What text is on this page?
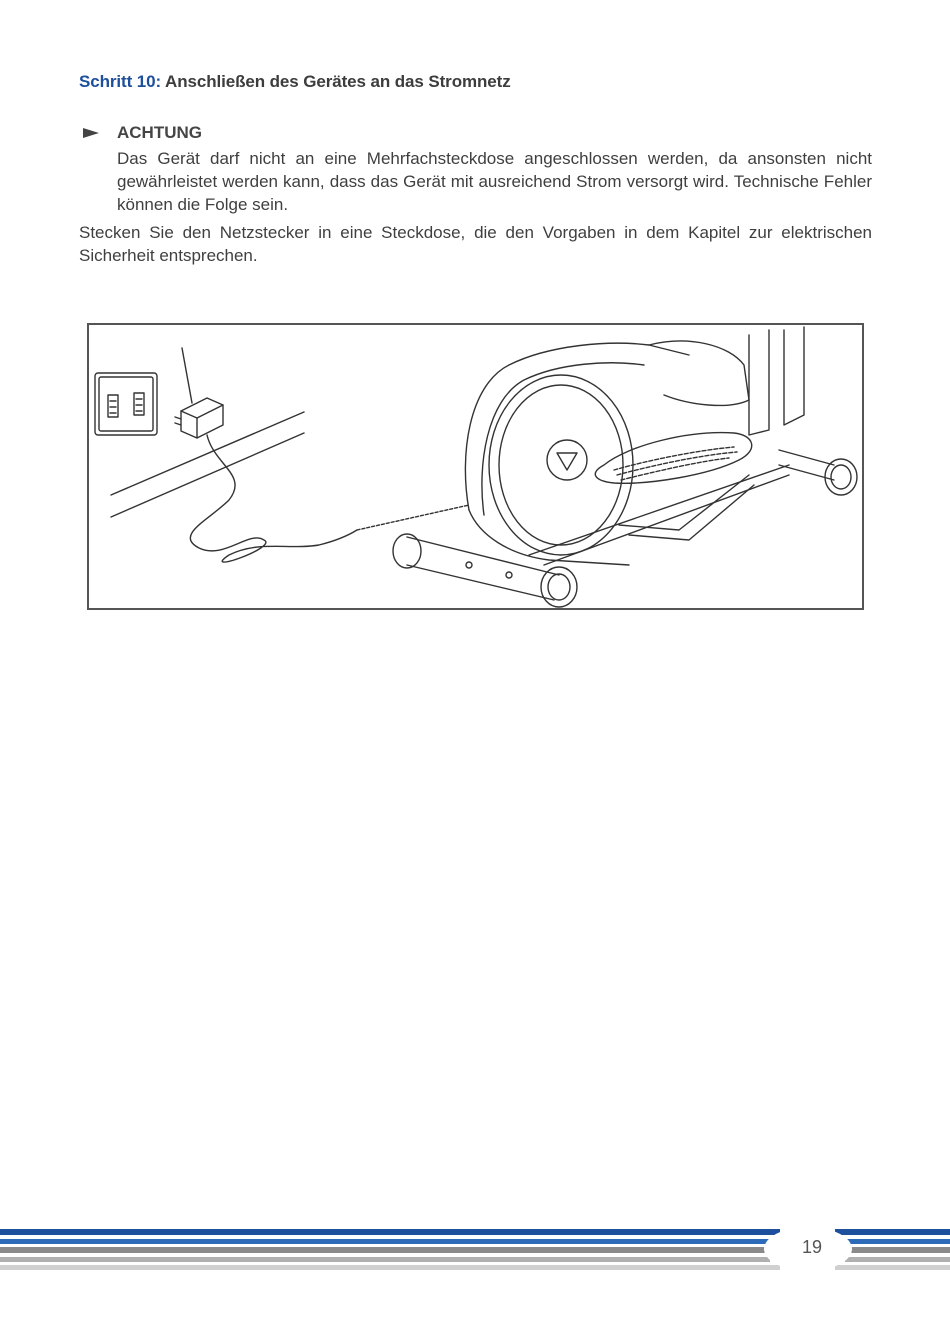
Schritt 10: Anschließen des Gerätes an das Stromnetz
ACHTUNG
Das Gerät darf nicht an eine Mehrfachsteckdose angeschlossen werden, da ansonsten nicht gewährleistet werden kann, dass das Gerät mit ausreichend Strom versorgt wird. Technische Fehler können die Folge sein.
Stecken Sie den Netzstecker in eine Steckdose, die den Vorgaben in dem Kapitel zur elektrischen Sicherheit entsprechen.
19
